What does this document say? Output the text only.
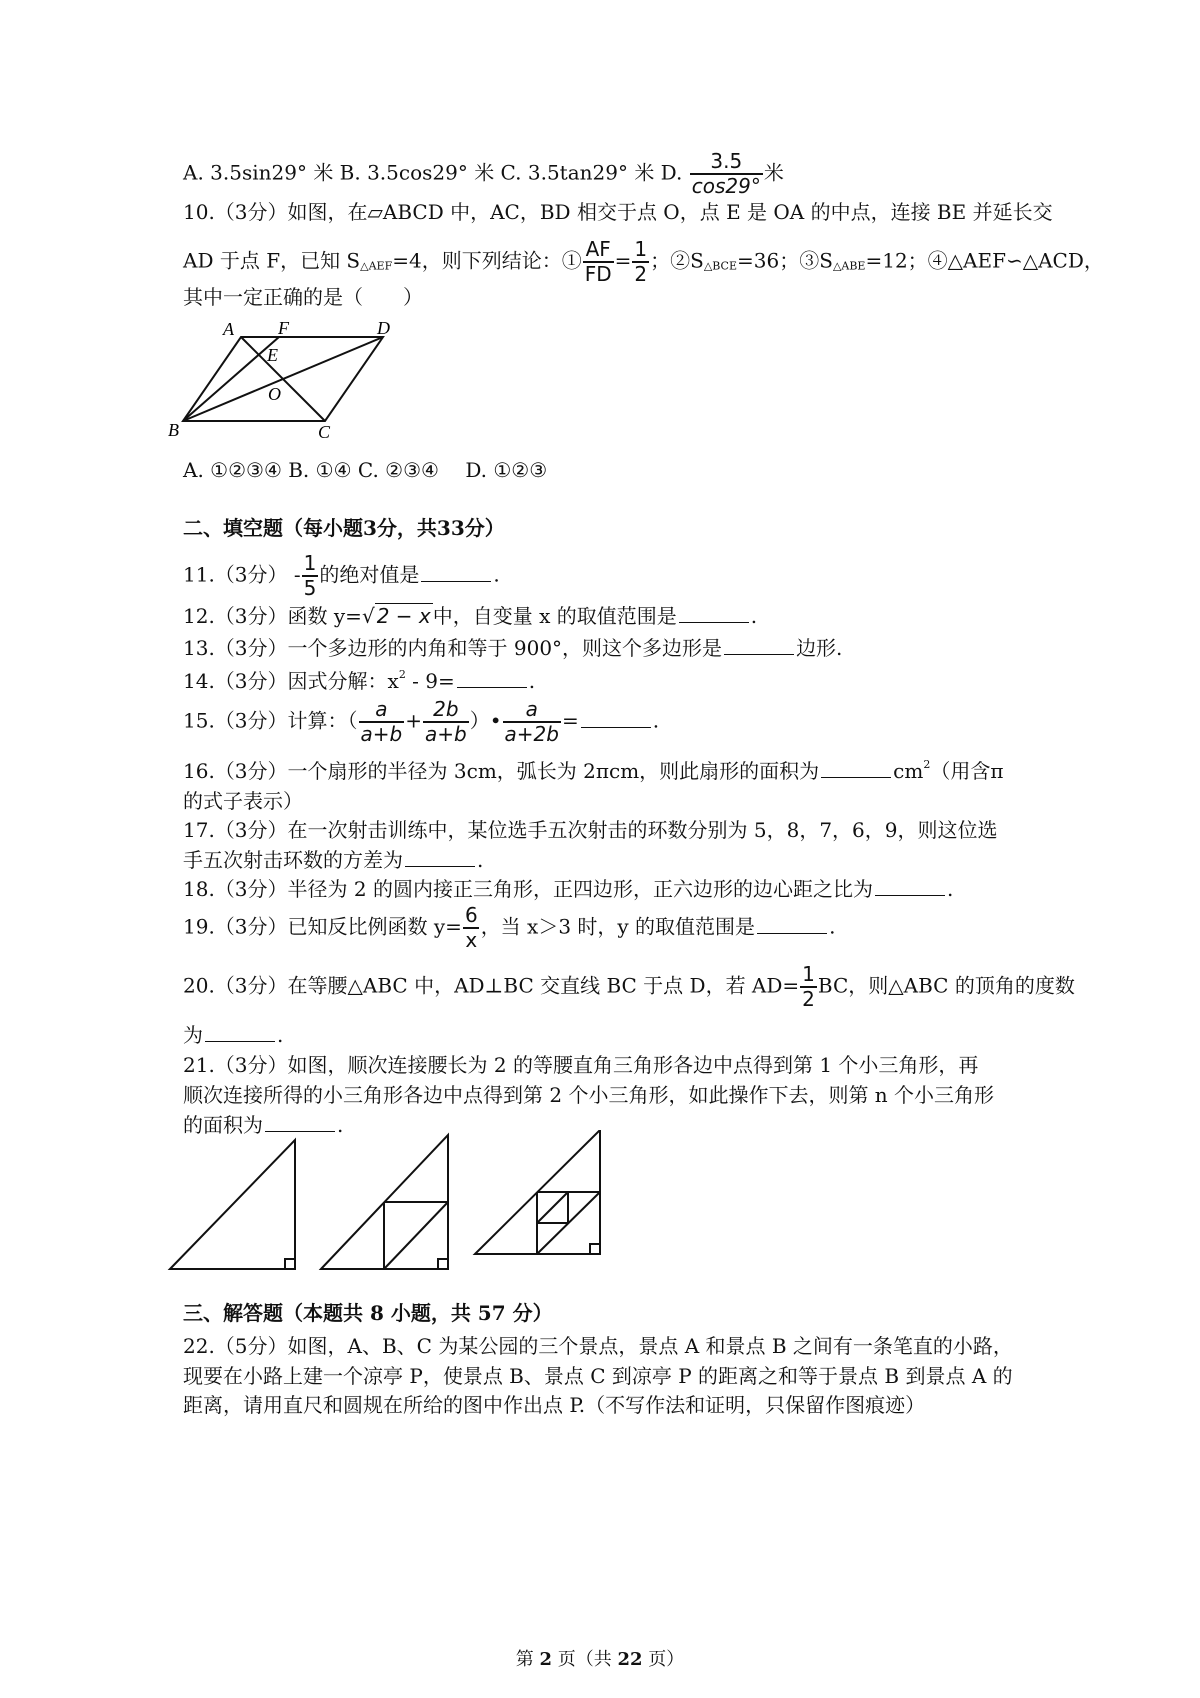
A. 3.5sin29° 米 B. 3.5cos29° 米 C. 3.5tan29° 米 D. $\frac{3.5}{\cos 29^\circ}$ 米
10.（3分）如图，在▱ABCD 中，AC，BD 相交于点 O，点 E 是 OA 的中点，连接 BE 并延长交
AD 于点 F，已知 S△AEF=4，则下列结论：① $\frac{AF}{FD} = \frac{1}{2}$ ；②S△BCE=36；③S△ABE=12；④△AEF∽△ACD，
其中一定正确的是（　　）
A F	D
E
O
B	C
A. ①②③④ B. ①④ C. ②③④　 D. ①②③
二、填空题（每小题3分，共33分）
11.（3分） - $\frac{1}{5}$ 的绝对值是	.
12.（3分）函数 y=√ 2 − x 中，自变量 x 的取值范围是	.
13.（3分）一个多边形的内角和等于 900°，则这个多边形是	边形.
14.（3分）因式分解：$x^2 - 9=$	.
15.（3分）计算：（ $\frac{a}{a+b} + \frac{2b}{a+b}$ ）• $\frac{a}{a+2b}$ =	.
16.（3分）一个扇形的半径为 3cm，弧长为 2πcm，则此扇形的面积为	$cm^2$（用含π
的式子表示）
17.（3分）在一次射击训练中，某位选手五次射击的环数分别为 5，8，7，6，9，则这位选
手五次射击环数的方差为	.
18.（3分）半径为 2 的圆内接正三角形，正四边形，正六边形的边心距之比为	.
19.（3分）已知反比例函数 $y= \frac{6}{x}$ ，当 x＞3 时，y 的取值范围是	.
20.（3分）在等腰△ABC 中，AD⊥BC 交直线 BC 于点 D，若 $AD= \frac{1}{2}$ BC，则△ABC 的顶角的度数
为	.
21.（3分）如图，顺次连接腰长为 2 的等腰直角三角形各边中点得到第 1 个小三角形，再
顺次连接所得的小三角形各边中点得到第 2 个小三角形，如此操作下去，则第 n 个小三角形
的面积为	.
三、解答题（本题共 8 小题，共 57 分）
22.（5分）如图，A、B、C 为某公园的三个景点，景点 A 和景点 B 之间有一条笔直的小路，
现要在小路上建一个凉亭 P，使景点 B、景点 C 到凉亭 P 的距离之和等于景点 B 到景点 A 的
距离，请用直尺和圆规在所给的图中作出点 P.（不写作法和证明，只保留作图痕迹）
第 2 页（共 22 页）
